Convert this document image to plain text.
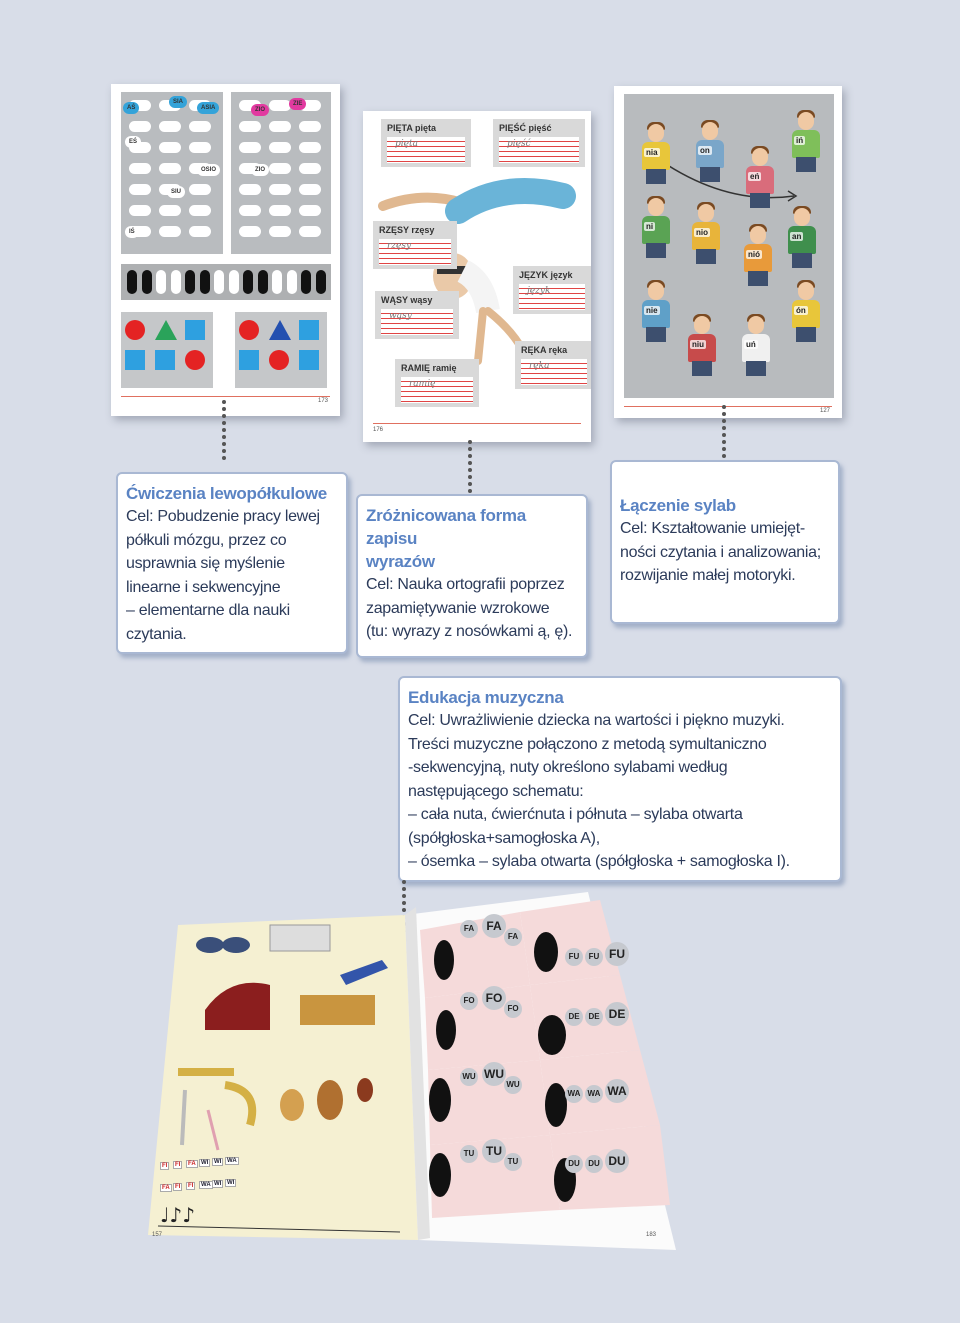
AŚ
SIA
ASIA
EŚ
OSIO
SIU
IŚ
ZIO
ZIE
ZIO
173
PIĘTA pięta
pięta
PIĘŚĆ pięść
pięść
RZĘSY rzęsy
rzęsy
JĘZYK język
język
WĄSY wąsy
wąsy
RĘKA ręka
ręka
RAMIĘ ramię
ramię
176
nia	on
iń
eń
ni
nio	an
nió
nie	ón
niu	uń
127
Ćwiczenia lewopółkulowe
Cel: Pobudzenie pracy lewej
półkuli mózgu, przez co
usprawnia się myślenie
linearne i sekwencyjne
– elementarne dla nauki
czytania.
Zróżnicowana forma zapisu
wyrazów
Cel: Nauka ortografii poprzez
zapamiętywanie wzrokowe
(tu: wyrazy z nosówkami ą, ę).
Łączenie sylab
Cel: Kształtowanie umiejęt-
ności czytania i analizowania;
rozwijanie małej motoryki.
Edukacja muzyczna
Cel: Uwrażliwienie dziecka na wartości i piękno muzyki.
Treści muzyczne połączono z metodą symultaniczno
-sekwencyjną, nuty określono sylabami według
następującego schematu:
– cała nuta, ćwierćnuta i półnuta – sylaba otwarta
(spółgłoska+samogłoska A),
– ósemka – sylaba otwarta (spółgłoska + samogłoska I).
♩♪♪
FI	FI	FA WI WI WA
FA FI	FI	WA WI WI
FA	FA
FA
FU	FU FU
FO FO
FO
DE	DE DE
WU WU
WU
WA WA WA
TU TU
TU	DU	DU DU
157	183
